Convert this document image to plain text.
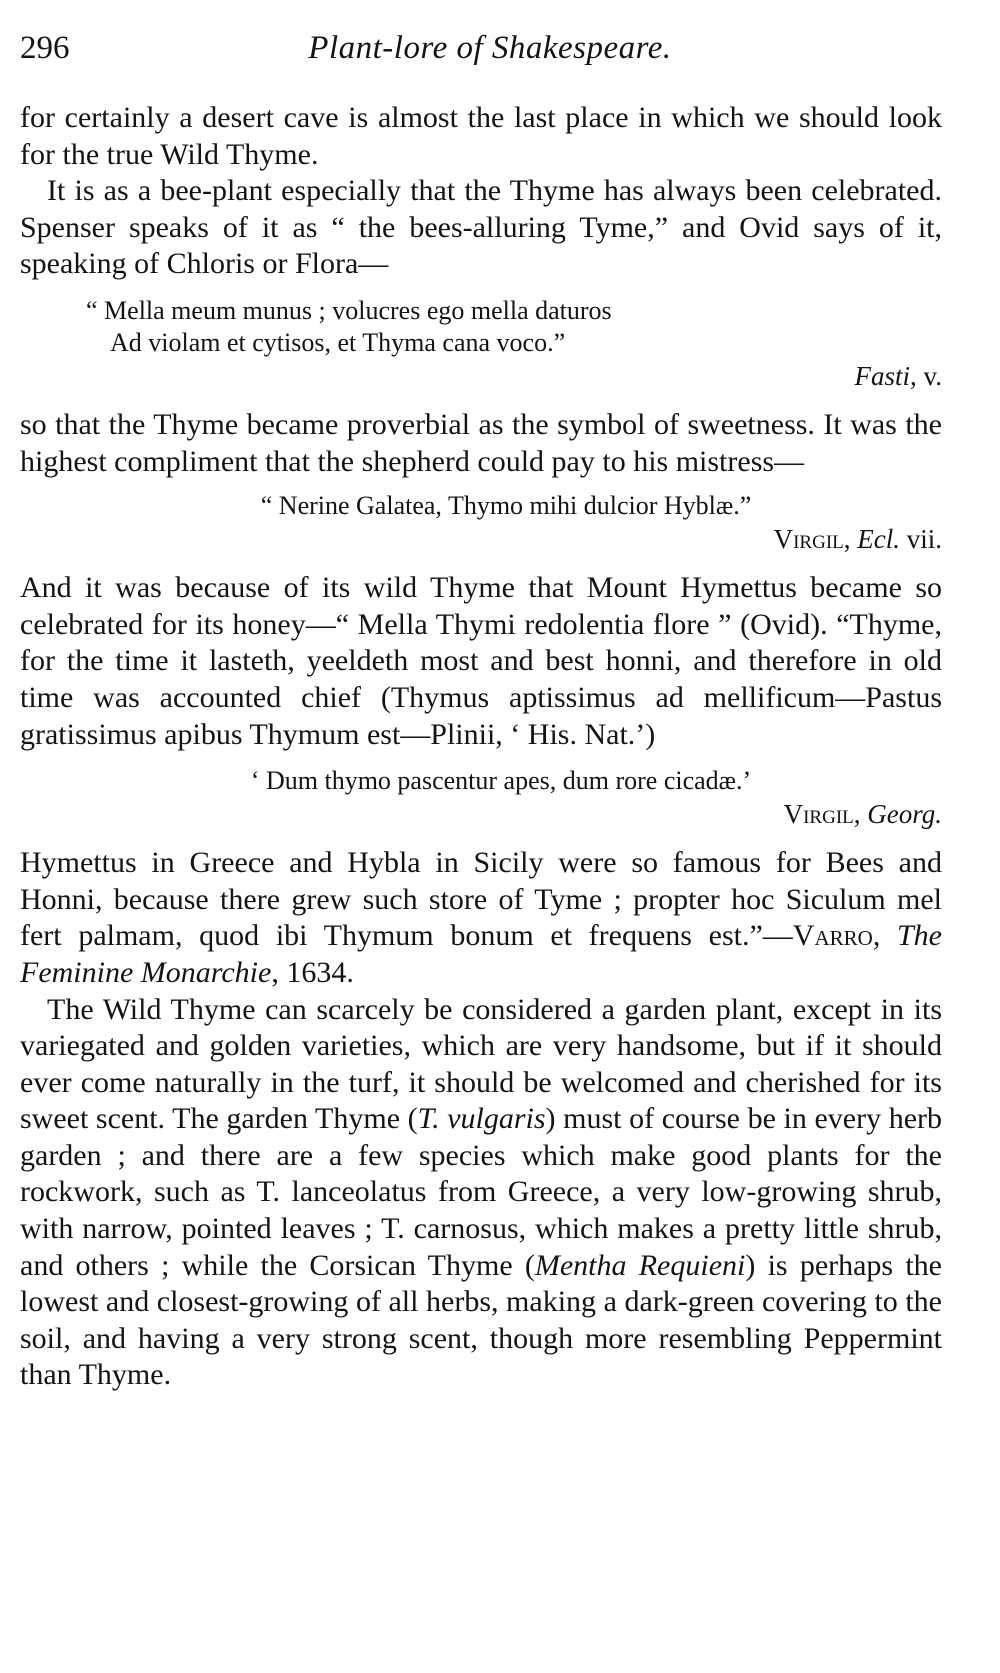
296	Plant-lore of Shakespeare.

for certainly a desert cave is almost the last place in which we should look for the true Wild Thyme.

It is as a bee-plant especially that the Thyme has always been celebrated. Spenser speaks of it as “ the bees-alluring Tyme,” and Ovid says of it, speaking of Chloris or Flora—

“ Mella meum munus ; volucres ego mella daturos
Ad violam et cytisos, et Thyma cana voco.”
Fasti, v.

so that the Thyme became proverbial as the symbol of sweetness. It was the highest compliment that the shepherd could pay to his mistress—

“ Nerine Galatea, Thymo mihi dulcior Hyblæ.”
Virgil, Ecl. vii.

And it was because of its wild Thyme that Mount Hymettus became so celebrated for its honey—“ Mella Thymi redolentia flore ” (Ovid). “Thyme, for the time it lasteth, yeeldeth most and best honni, and therefore in old time was accounted chief (Thymus aptissimus ad mellificum—Pastus gratissimus apibus Thymum est—Plinii, ‘ His. Nat.’)

‘ Dum thymo pascentur apes, dum rore cicadæ.’
Virgil, Georg.

Hymettus in Greece and Hybla in Sicily were so famous for Bees and Honni, because there grew such store of Tyme ; propter hoc Siculum mel fert palmam, quod ibi Thymum bonum et frequens est.”—Varro, The Feminine Monarchie, 1634.

The Wild Thyme can scarcely be considered a garden plant, except in its variegated and golden varieties, which are very handsome, but if it should ever come naturally in the turf, it should be welcomed and cherished for its sweet scent. The garden Thyme (T. vulgaris) must of course be in every herb garden ; and there are a few species which make good plants for the rockwork, such as T. lanceolatus from Greece, a very low-growing shrub, with narrow, pointed leaves ; T. carnosus, which makes a pretty little shrub, and others ; while the Corsican Thyme (Mentha Requieni) is perhaps the lowest and closest-growing of all herbs, making a dark-green covering to the soil, and having a very strong scent, though more resembling Peppermint than Thyme.
